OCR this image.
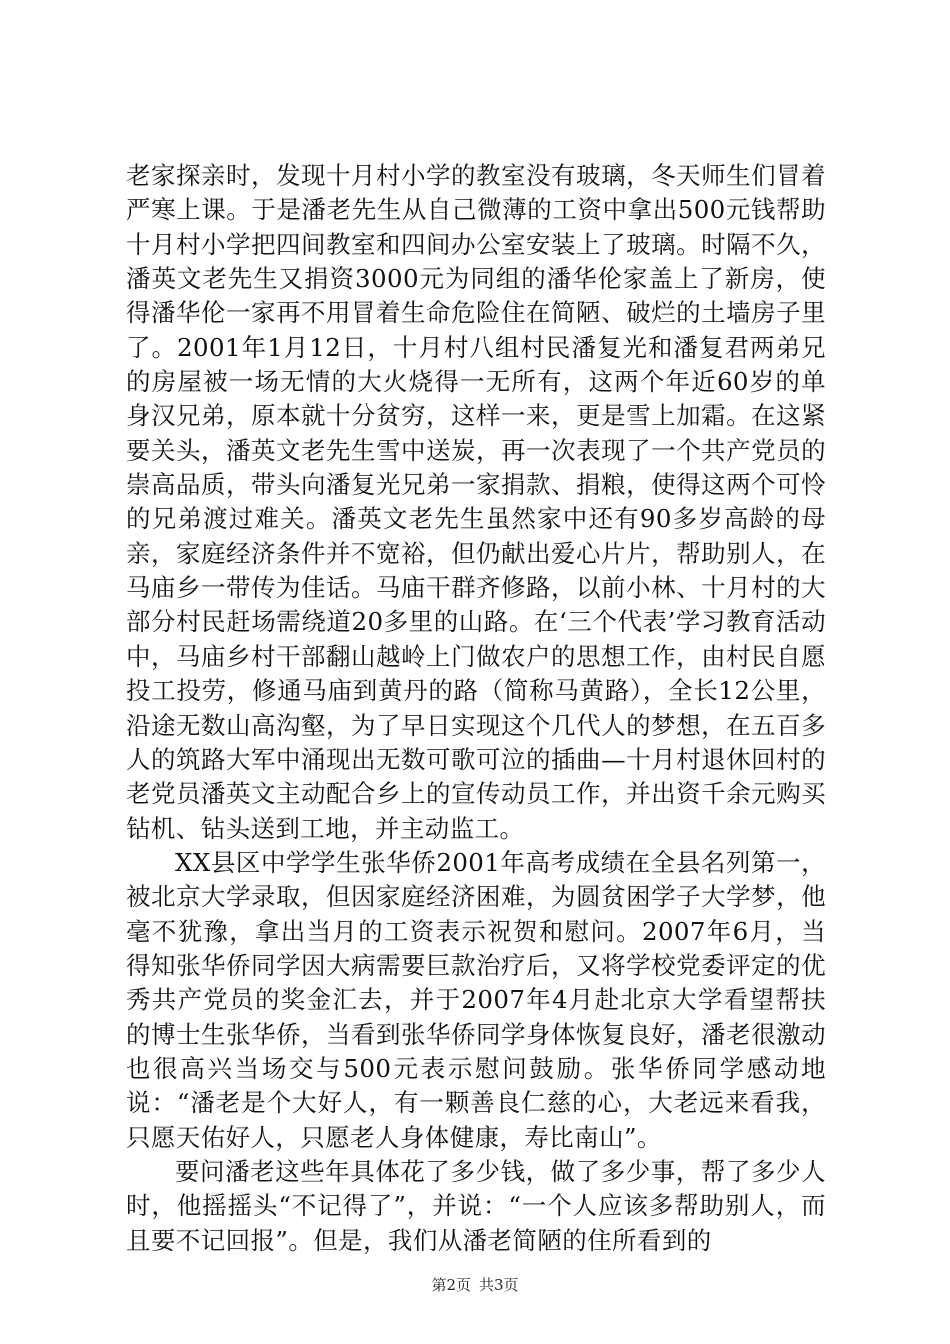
老家探亲时，发现十月村小学的教室没有玻璃，冬天师生们冒着严寒上课。于是潘老先生从自己微薄的工资中拿出500元钱帮助十月村小学把四间教室和四间办公室安装上了玻璃。时隔不久，潘英文老先生又捐资3000元为同组的潘华伦家盖上了新房，使得潘华伦一家再不用冒着生命危险住在简陋、破烂的土墙房子里了。2001年1月12日，十月村八组村民潘复光和潘复君两弟兄的房屋被一场无情的大火烧得一无所有，这两个年近60岁的单身汉兄弟，原本就十分贫穷，这样一来，更是雪上加霜。在这紧要关头，潘英文老先生雪中送炭，再一次表现了一个共产党员的崇高品质，带头向潘复光兄弟一家捐款、捐粮，使得这两个可怜的兄弟渡过难关。潘英文老先生虽然家中还有90多岁高龄的母亲，家庭经济条件并不宽裕，但仍献出爱心片片，帮助别人，在马庙乡一带传为佳话。马庙干群齐修路，以前小林、十月村的大部分村民赶场需绕道20多里的山路。在‘三个代表’学习教育活动中，马庙乡村干部翻山越岭上门做农户的思想工作，由村民自愿投工投劳，修通马庙到黄丹的路（简称马黄路），全长12公里，沿途无数山高沟壑，为了早日实现这个几代人的梦想，在五百多人的筑路大军中涌现出无数可歌可泣的插曲—十月村退休回村的老党员潘英文主动配合乡上的宣传动员工作，并出资千余元购买钻机、钻头送到工地，并主动监工。

XX县区中学学生张华侨2001年高考成绩在全县名列第一，被北京大学录取，但因家庭经济困难，为圆贫困学子大学梦，他毫不犹豫，拿出当月的工资表示祝贺和慰问。2007年6月，当得知张华侨同学因大病需要巨款治疗后，又将学校党委评定的优秀共产党员的奖金汇去，并于2007年4月赴北京大学看望帮扶的博士生张华侨，当看到张华侨同学身体恢复良好，潘老很激动也很高兴当场交与500元表示慰问鼓励。张华侨同学感动地说：“潘老是个大好人，有一颗善良仁慈的心，大老远来看我，只愿天佑好人，只愿老人身体健康，寿比南山”。

要问潘老这些年具体花了多少钱，做了多少事，帮了多少人时，他摇摇头“不记得了”，并说：“一个人应该多帮助别人，而且要不记回报”。但是，我们从潘老简陋的住所看到的

第2页 共3页
